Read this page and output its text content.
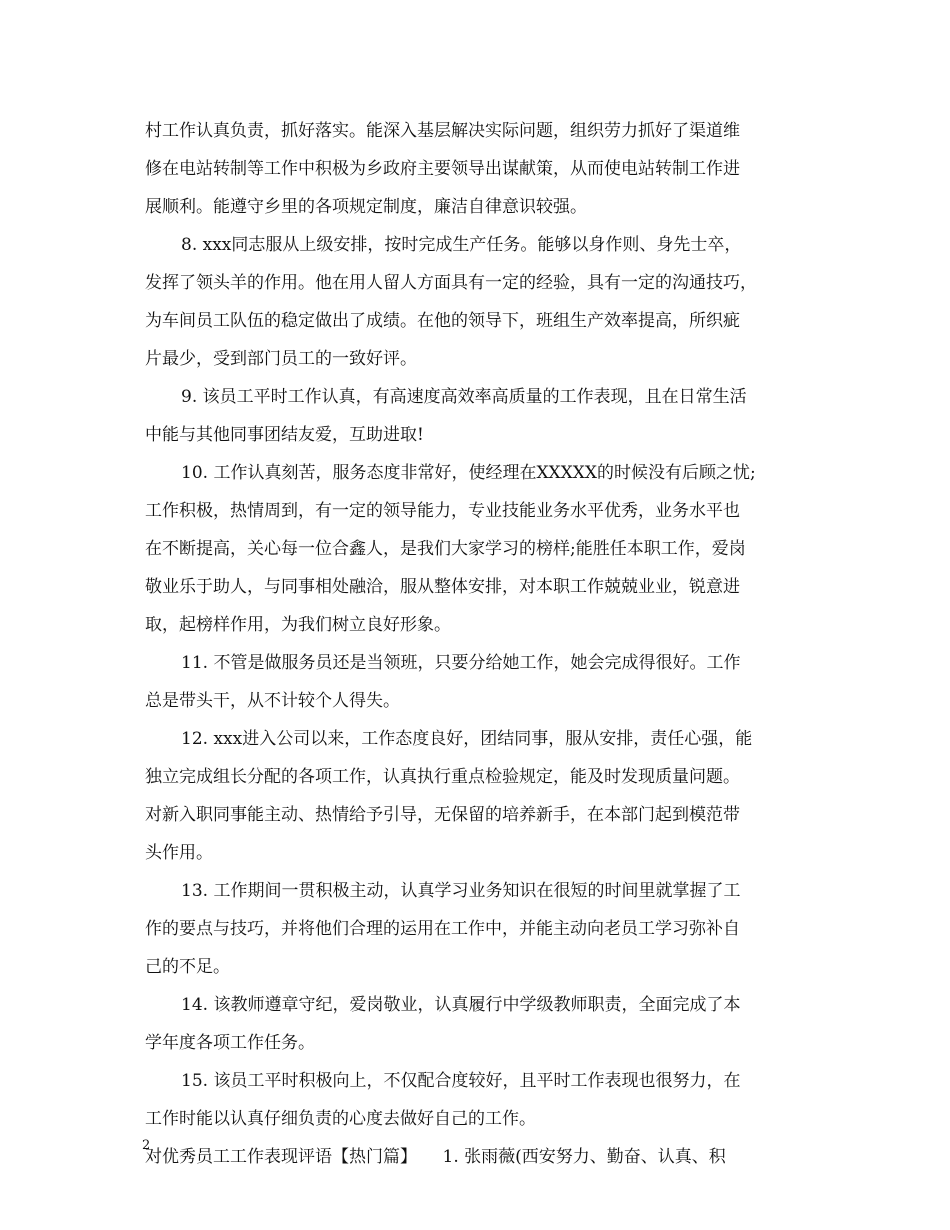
村工作认真负责，抓好落实。能深入基层解决实际问题，组织劳力抓好了渠道维
修在电站转制等工作中积极为乡政府主要领导出谋献策，从而使电站转制工作进
展顺利。能遵守乡里的各项规定制度，廉洁自律意识较强。
8. xxx同志服从上级安排，按时完成生产任务。能够以身作则、身先士卒，
发挥了领头羊的作用。他在用人留人方面具有一定的经验，具有一定的沟通技巧，
为车间员工队伍的稳定做出了成绩。在他的领导下，班组生产效率提高，所织疵
片最少，受到部门员工的一致好评。
9. 该员工平时工作认真，有高速度高效率高质量的工作表现，且在日常生活
中能与其他同事团结友爱，互助进取!
10. 工作认真刻苦，服务态度非常好，使经理在XXXXX的时候没有后顾之忧;
工作积极，热情周到，有一定的领导能力，专业技能业务水平优秀，业务水平也
在不断提高，关心每一位合鑫人，是我们大家学习的榜样;能胜任本职工作，爱岗
敬业乐于助人，与同事相处融洽，服从整体安排，对本职工作兢兢业业，锐意进
取，起榜样作用，为我们树立良好形象。
11. 不管是做服务员还是当领班，只要分给她工作，她会完成得很好。工作
总是带头干，从不计较个人得失。
12. xxx进入公司以来，工作态度良好，团结同事，服从安排，责任心强，能
独立完成组长分配的各项工作，认真执行重点检验规定，能及时发现质量问题。
对新入职同事能主动、热情给予引导，无保留的培养新手，在本部门起到模范带
头作用。
13. 工作期间一贯积极主动，认真学习业务知识在很短的时间里就掌握了工
作的要点与技巧，并将他们合理的运用在工作中，并能主动向老员工学习弥补自
己的不足。
14. 该教师遵章守纪，爱岗敬业，认真履行中学级教师职责，全面完成了本
学年度各项工作任务。
15. 该员工平时积极向上，不仅配合度较好，且平时工作表现也很努力，在
工作时能以认真仔细负责的心度去做好自己的工作。
对优秀员工工作表现评语【热门篇】　　1. 张雨薇(西安努力、勤奋、认真、积
2
